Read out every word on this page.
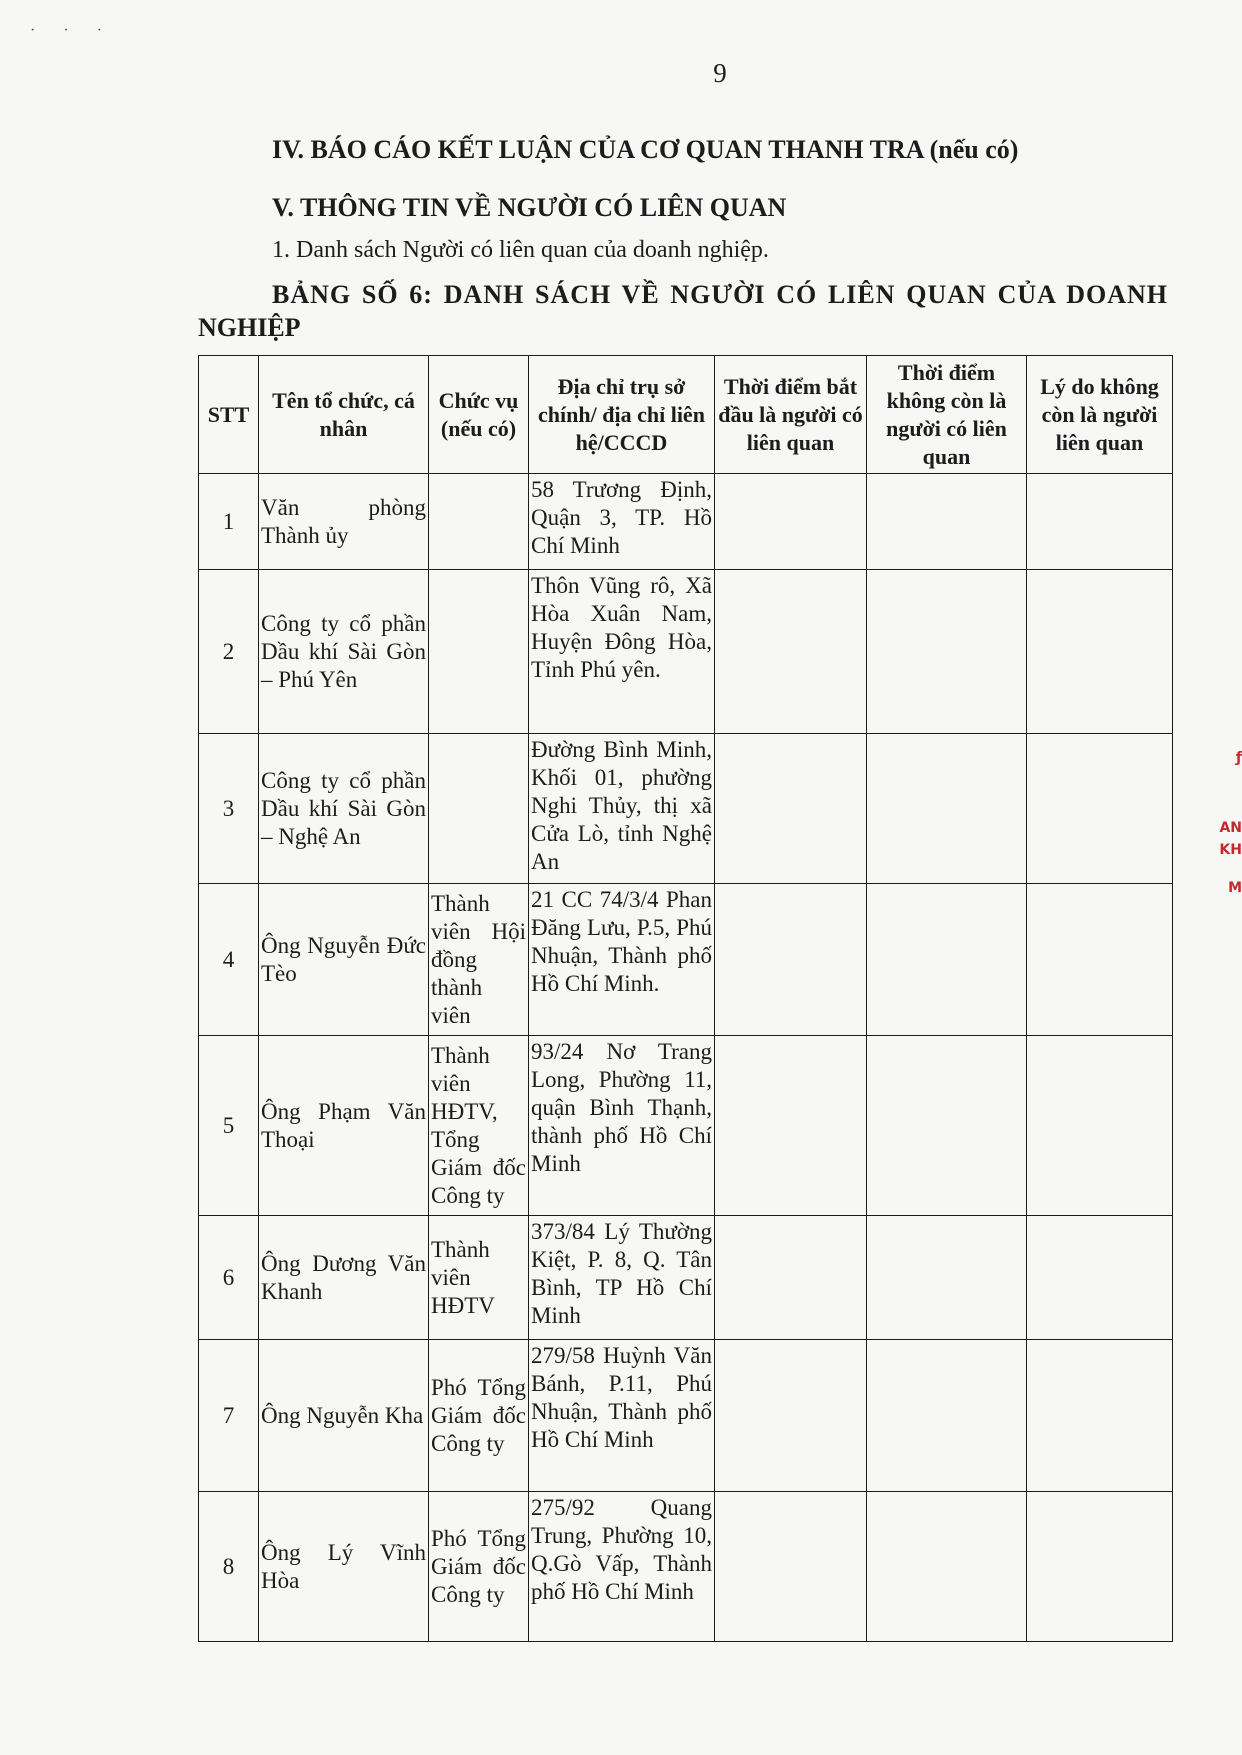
· · ·
9
IV. BÁO CÁO KẾT LUẬN CỦA CƠ QUAN THANH TRA (nếu có)
V. THÔNG TIN VỀ NGƯỜI CÓ LIÊN QUAN
1. Danh sách Người có liên quan của doanh nghiệp.
BẢNG SỐ 6: DANH SÁCH VỀ NGƯỜI CÓ LIÊN QUAN CỦA DOANH
NGHIỆP
STT	Tên tổ chức, cá nhân	Chức vụ (nếu có)	Địa chỉ trụ sở chính/ địa chỉ liên hệ/CCCD	Thời điểm bắt đầu là người có liên quan	Thời điểm không còn là người có liên quan	Lý do không còn là người liên quan
1	Văn phòng Thành ủy		58 Trương Định, Quận 3, TP. Hồ Chí Minh			
2	Công ty cổ phần Dầu khí Sài Gòn – Phú Yên		Thôn Vũng rô, Xã Hòa Xuân Nam, Huyện Đông Hòa, Tỉnh Phú yên.			
3	Công ty cổ phần Dầu khí Sài Gòn – Nghệ An		Đường Bình Minh, Khối 01, phường Nghi Thủy, thị xã Cửa Lò, tỉnh Nghệ An			
4	Ông Nguyễn Đức Tèo	Thành viên Hội đồng thành viên	21 CC 74/3/4 Phan Đăng Lưu, P.5, Phú Nhuận, Thành phố Hồ Chí Minh.			
5	Ông Phạm Văn Thoại	Thành viên HĐTV, Tổng Giám đốc Công ty	93/24 Nơ Trang Long, Phường 11, quận Bình Thạnh, thành phố Hồ Chí Minh			
6	Ông Dương Văn Khanh	Thành viên HĐTV	373/84 Lý Thường Kiệt, P. 8, Q. Tân Bình, TP Hồ Chí Minh			
7	Ông Nguyễn Kha	Phó Tổng Giám đốc Công ty	279/58 Huỳnh Văn Bánh, P.11, Phú Nhuận, Thành phố Hồ Chí Minh			
8	Ông Lý Vĩnh Hòa	Phó Tổng Giám đốc Công ty	275/92 Quang Trung, Phường 10, Q.Gò Vấp, Thành phố Hồ Chí Minh			
ƒ
AN
KH
M
